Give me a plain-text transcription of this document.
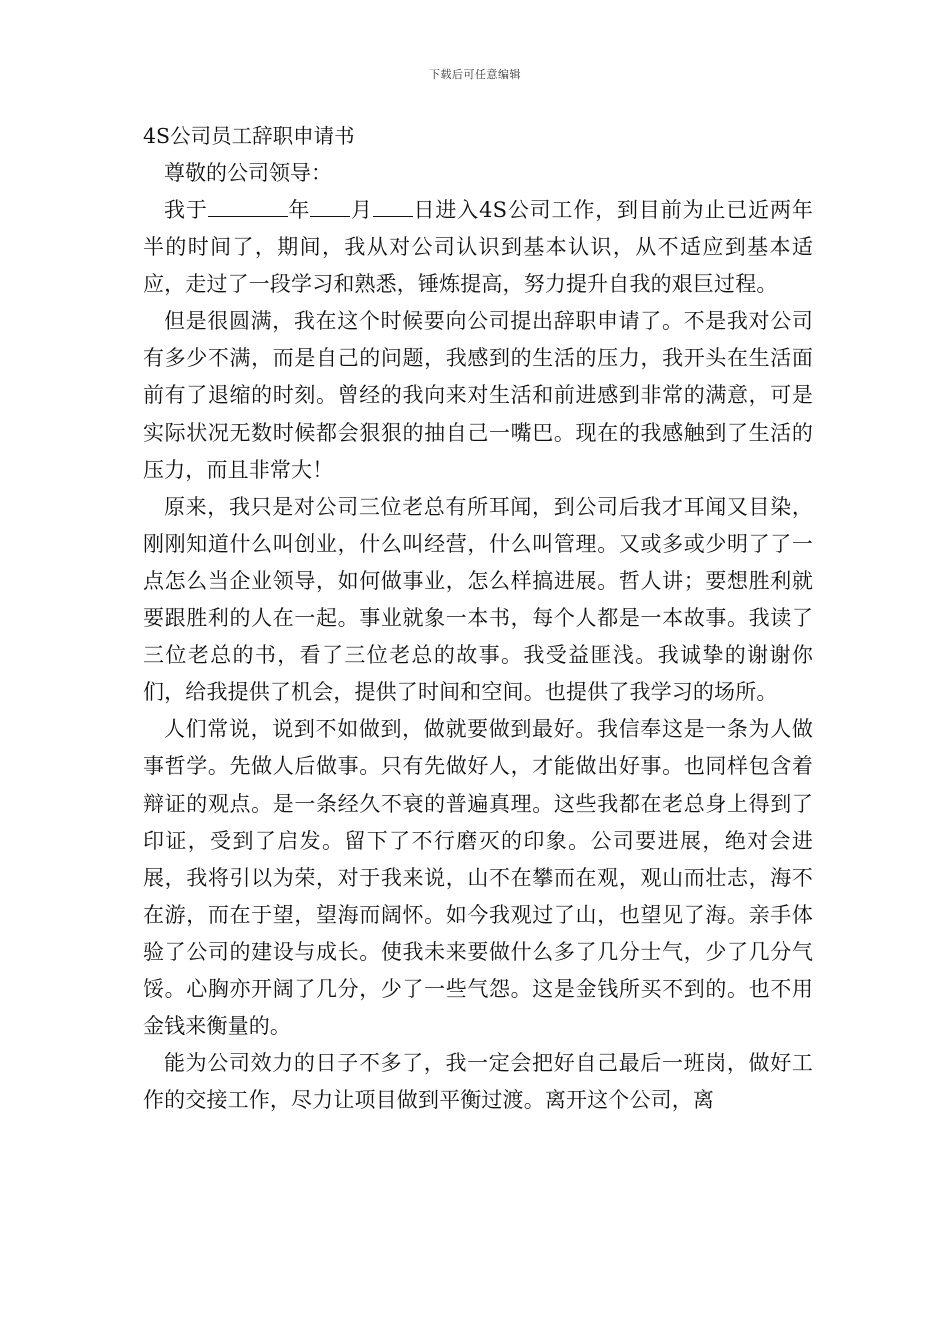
下载后可任意编辑
4S公司员工辞职申请书

尊敬的公司领导：

我于	年 月 日进入4S公司工作，到目前为止已近两年半的时间了，期间，我从对公司认识到基本认识，从不适应到基本适应，走过了一段学习和熟悉，锤炼提高，努力提升自我的艰巨过程。

但是很圆满，我在这个时候要向公司提出辞职申请了。不是我对公司有多少不满，而是自己的问题，我感到的生活的压力，我开头在生活面前有了退缩的时刻。曾经的我向来对生活和前进感到非常的满意，可是实际状况无数时候都会狠狠的抽自己一嘴巴。现在的我感触到了生活的压力，而且非常大！

原来，我只是对公司三位老总有所耳闻，到公司后我才耳闻又目染，刚刚知道什么叫创业，什么叫经营，什么叫管理。又或多或少明了了一点怎么当企业领导，如何做事业，怎么样搞进展。哲人讲；要想胜利就要跟胜利的人在一起。事业就象一本书，每个人都是一本故事。我读了三位老总的书，看了三位老总的故事。我受益匪浅。我诚挚的谢谢你们，给我提供了机会，提供了时间和空间。也提供了我学习的场所。

人们常说，说到不如做到，做就要做到最好。我信奉这是一条为人做事哲学。先做人后做事。只有先做好人，才能做出好事。也同样包含着辩证的观点。是一条经久不衰的普遍真理。这些我都在老总身上得到了印证，受到了启发。留下了不行磨灭的印象。公司要进展，绝对会进展，我将引以为荣，对于我来说，山不在攀而在观，观山而壮志，海不在游，而在于望，望海而阔怀。如今我观过了山，也望见了海。亲手体验了公司的建设与成长。使我未来要做什么多了几分士气，少了几分气馁。心胸亦开阔了几分，少了一些气怨。这是金钱所买不到的。也不用金钱来衡量的。

能为公司效力的日子不多了，我一定会把好自己最后一班岗，做好工作的交接工作，尽力让项目做到平衡过渡。离开这个公司，离
